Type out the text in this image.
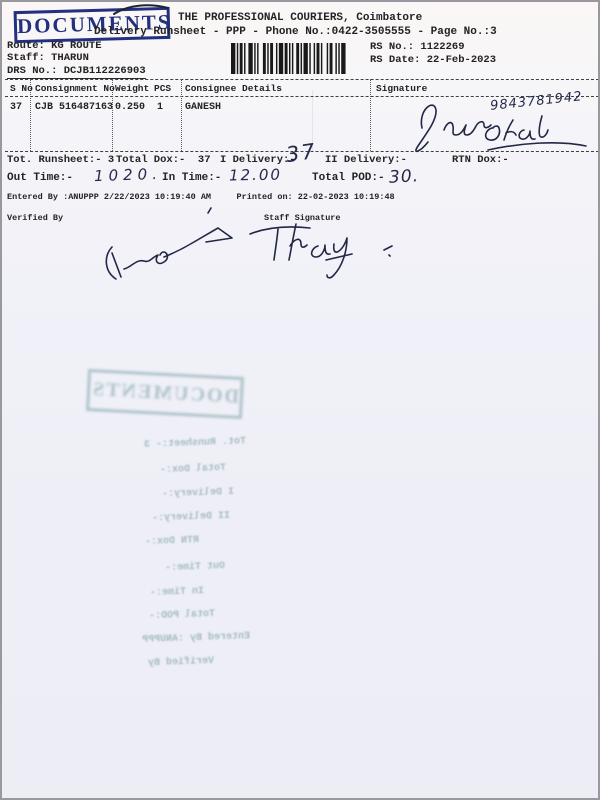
DOCUMENTS THE PROFESSIONAL COURIERS, Coimbatore
Delivery Runsheet - PPP - Phone No.:0422-3505555 - Page No.:3
Route: KG ROUTE
Staff: THARUN
DRS No.: DCJB112226903
RS No.: 1122269
RS Date: 22-Feb-2023
S No Consignment No Weight PCS Consignee Details	Signature
37 CJB 516487163 0.250 1 GANESH	9843781942
Tot. Runsheet:- 3 Total Dox:-  37 I Delivery:-
37 II Delivery:-	RTN Dox:-
Out Time:- 1020. In Time:- 12.00	Total POD:- 30.
Entered By :ANUPPP 2/22/2023 10:19:40 AM     Printed on: 22-02-2023 10:19:48
Verified By	Staff Signature
DOCUMENTS
Tot. Runsheet:- 3
Total Dox:-
I Delivery:-
II Delivery:-
RTN Dox:-
Out Time:-
In Time:-
Total POD:-
Entered By :ANUPPP
Verified By
